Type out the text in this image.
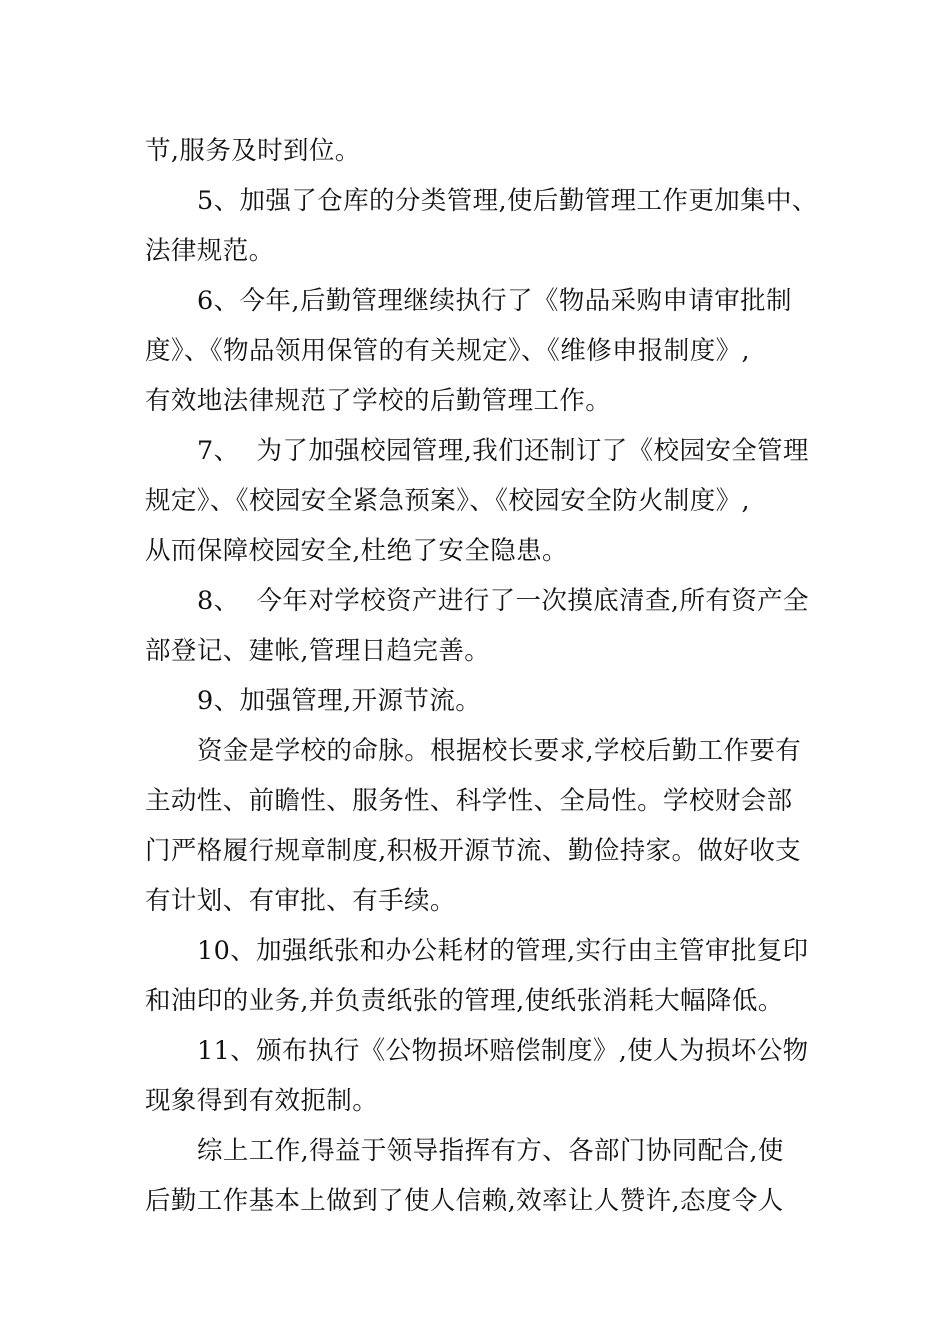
节,服务及时到位。
5、加强了仓库的分类管理,使后勤管理工作更加集中、
法律规范。
6、今年,后勤管理继续执行了《物品采购申请审批制
度》、《物品领用保管的有关规定》、《维修申报制度》,
有效地法律规范了学校的后勤管理工作。
7、  为了加强校园管理,我们还制订了《校园安全管理
规定》、《校园安全紧急预案》、《校园安全防火制度》,
从而保障校园安全,杜绝了安全隐患。
8、  今年对学校资产进行了一次摸底清查,所有资产全
部登记、建帐,管理日趋完善。
9、加强管理,开源节流。
资金是学校的命脉。根据校长要求,学校后勤工作要有
主动性、前瞻性、服务性、科学性、全局性。学校财会部
门严格履行规章制度,积极开源节流、勤俭持家。做好收支
有计划、有审批、有手续。
10、加强纸张和办公耗材的管理,实行由主管审批复印
和油印的业务,并负责纸张的管理,使纸张消耗大幅降低。
11、颁布执行《公物损坏赔偿制度》,使人为损坏公物
现象得到有效扼制。
综上工作,得益于领导指挥有方、各部门协同配合,使
后勤工作基本上做到了使人信赖,效率让人赞许,态度令人
